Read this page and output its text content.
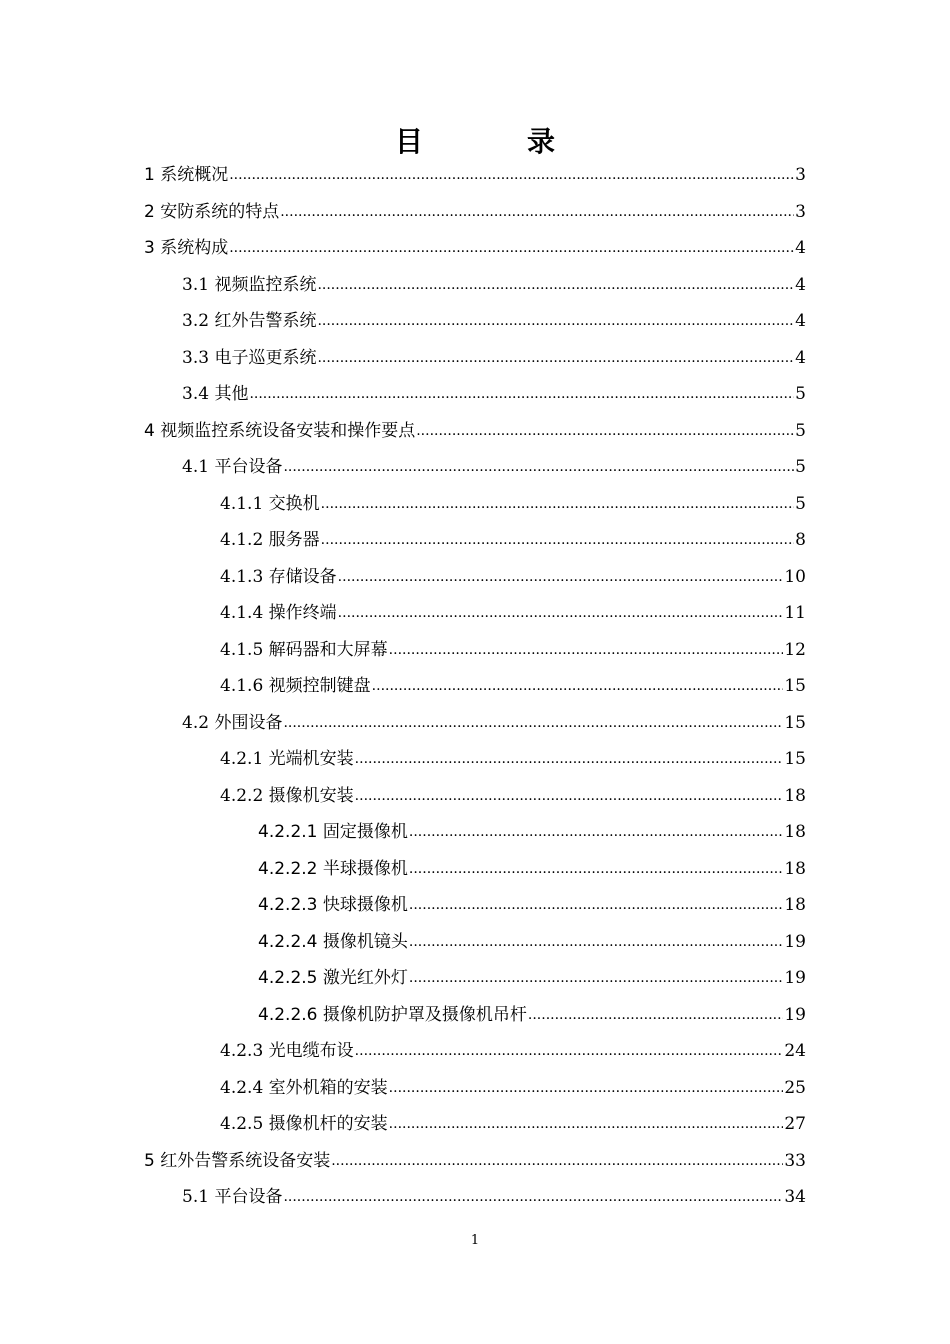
目　录
1 系统概况 .....	3
2 安防系统的特点 .....	3
3 系统构成 .....	4
3.1 视频监控系统 .....	4
3.2 红外告警系统 .....	4
3.3 电子巡更系统 .....	4
3.4 其他 .....	5
4 视频监控系统设备安装和操作要点 .....	5
4.1 平台设备 .....	5
4.1.1 交换机 .....	5
4.1.2 服务器 .....	8
4.1.3 存储设备 .....	10
4.1.4 操作终端 .....	11
4.1.5 解码器和大屏幕 .....	12
4.1.6 视频控制键盘 .....	15
4.2 外围设备 .....	15
4.2.1 光端机安装 .....	15
4.2.2 摄像机安装 .....	18
4.2.2.1 固定摄像机 .....	18
4.2.2.2 半球摄像机 .....	18
4.2.2.3 快球摄像机 .....	18
4.2.2.4 摄像机镜头 .....	19
4.2.2.5 激光红外灯 .....	19
4.2.2.6 摄像机防护罩及摄像机吊杆 .....	19
4.2.3 光电缆布设 .....	24
4.2.4 室外机箱的安装 .....	25
4.2.5 摄像机杆的安装 .....	27
5 红外告警系统设备安装 .....	33
5.1 平台设备 .....	34
1
